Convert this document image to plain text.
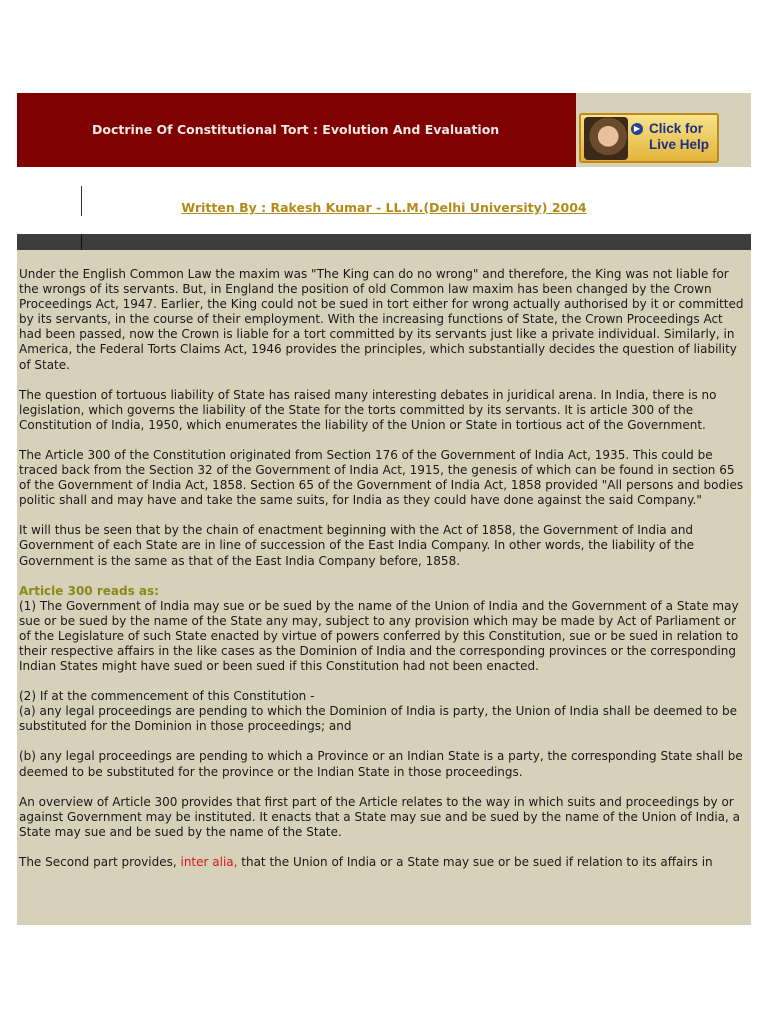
Doctrine Of Constitutional Tort : Evolution And Evaluation	▶ Click for
Live Help
Written By : Rakesh Kumar - LL.M.(Delhi University) 2004

Under the English Common Law the maxim was "The King can do no wrong" and therefore, the King was not liable for the wrongs of its servants. But, in England the position of old Common law maxim has been changed by the Crown Proceedings Act, 1947. Earlier, the King could not be sued in tort either for wrong actually authorised by it or committed by its servants, in the course of their employment. With the increasing functions of State, the Crown Proceedings Act had been passed, now the Crown is liable for a tort committed by its servants just like a private individual. Similarly, in America, the Federal Torts Claims Act, 1946 provides the principles, which substantially decides the question of liability of State.

The question of tortuous liability of State has raised many interesting debates in juridical arena. In India, there is no legislation, which governs the liability of the State for the torts committed by its servants. It is article 300 of the Constitution of India, 1950, which enumerates the liability of the Union or State in tortious act of the Government.

The Article 300 of the Constitution originated from Section 176 of the Government of India Act, 1935. This could be traced back from the Section 32 of the Government of India Act, 1915, the genesis of which can be found in section 65 of the Government of India Act, 1858. Section 65 of the Government of India Act, 1858 provided "All persons and bodies politic shall and may have and take the same suits, for India as they could have done against the said Company."

It will thus be seen that by the chain of enactment beginning with the Act of 1858, the Government of India and Government of each State are in line of succession of the East India Company. In other words, the liability of the Government is the same as that of the East India Company before, 1858.

Article 300 reads as:

(1) The Government of India may sue or be sued by the name of the Union of India and the Government of a State may sue or be sued by the name of the State any may, subject to any provision which may be made by Act of Parliament or of the Legislature of such State enacted by virtue of powers conferred by this Constitution, sue or be sued in relation to their respective affairs in the like cases as the Dominion of India and the corresponding provinces or the corresponding Indian States might have sued or been sued if this Constitution had not been enacted.

(2) If at the commencement of this Constitution -

(a) any legal proceedings are pending to which the Dominion of India is party, the Union of India shall be deemed to be substituted for the Dominion in those proceedings; and

(b) any legal proceedings are pending to which a Province or an Indian State is a party, the corresponding State shall be deemed to be substituted for the province or the Indian State in those proceedings.

An overview of Article 300 provides that first part of the Article relates to the way in which suits and proceedings by or against Government may be instituted. It enacts that a State may sue and be sued by the name of the Union of India, a State may sue and be sued by the name of the State.

The Second part provides, inter alia, that the Union of India or a State may sue or be sued if relation to its affairs in
